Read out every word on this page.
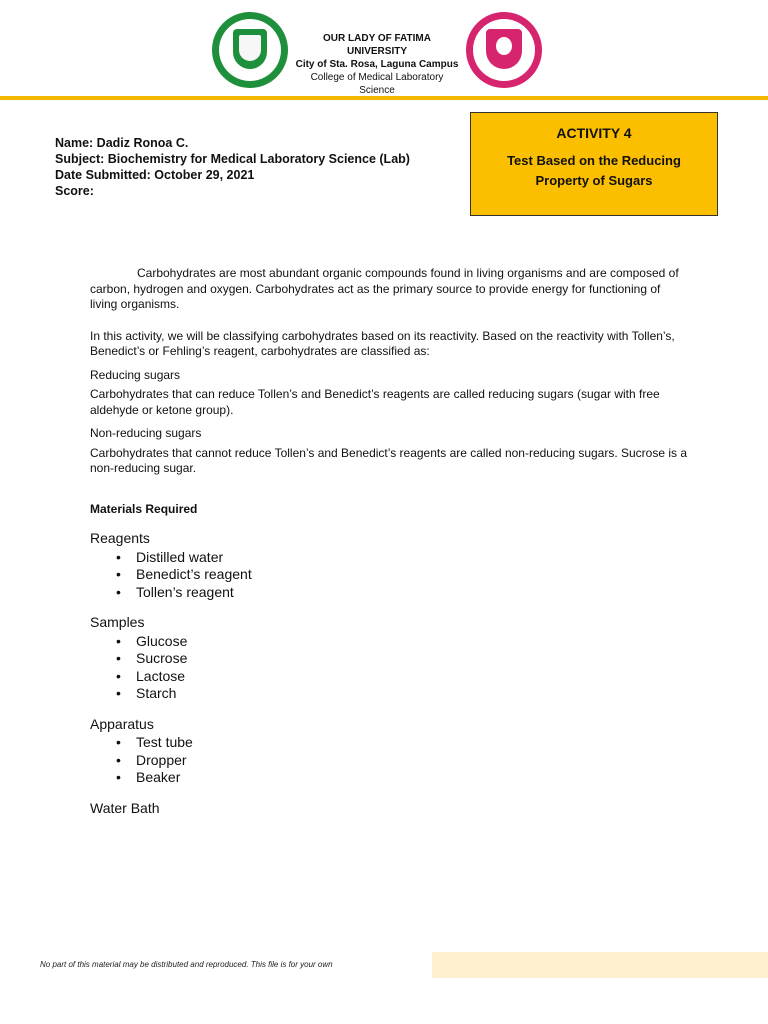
OUR LADY OF FATIMA UNIVERSITY
City of Sta. Rosa, Laguna Campus
College of Medical Laboratory Science
Name: Dadiz Ronoa C.
Subject: Biochemistry for Medical Laboratory Science (Lab)
Date Submitted: October 29, 2021
Score:
ACTIVITY 4
Test Based on the Reducing
Property of Sugars

Carbohydrates are most abundant organic compounds found in living organisms and are composed of carbon, hydrogen and oxygen. Carbohydrates act as the primary source to provide energy for functioning of living organisms.

In this activity, we will be classifying carbohydrates based on its reactivity. Based on the reactivity with Tollen’s, Benedict’s or Fehling’s reagent, carbohydrates are classified as:

Reducing sugars

Carbohydrates that can reduce Tollen’s and Benedict’s reagents are called reducing sugars (sugar with free aldehyde or ketone group).

Non-reducing sugars

Carbohydrates that cannot reduce Tollen’s and Benedict’s reagents are called non-reducing sugars. Sucrose is a non-reducing sugar.

Materials Required

Reagents
• Distilled water
• Benedict’s reagent
• Tollen’s reagent
Samples
• Glucose
• Sucrose
• Lactose
• Starch
Apparatus
• Test tube
• Dropper
• Beaker
Water Bath
No part of this material may be distributed and reproduced. This file is for your own
